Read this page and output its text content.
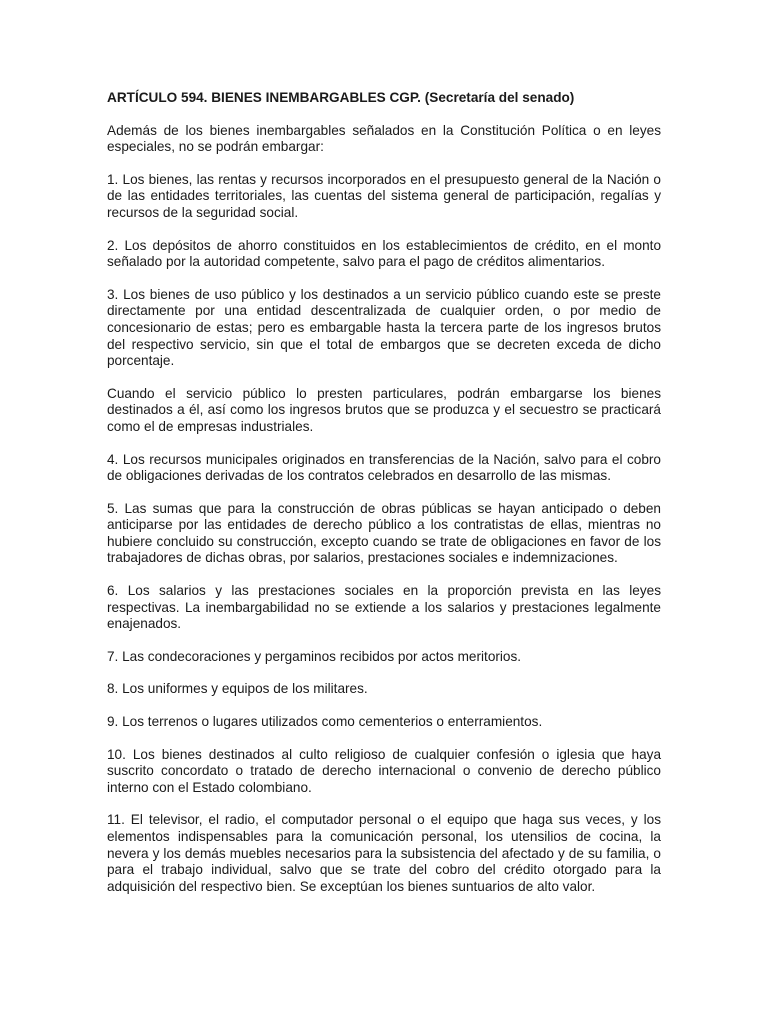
ARTÍCULO 594. BIENES INEMBARGABLES CGP. (Secretaría del senado)

Además de los bienes inembargables señalados en la Constitución Política o en leyes especiales, no se podrán embargar:

1. Los bienes, las rentas y recursos incorporados en el presupuesto general de la Nación o de las entidades territoriales, las cuentas del sistema general de participación, regalías y recursos de la seguridad social.

2. Los depósitos de ahorro constituidos en los establecimientos de crédito, en el monto señalado por la autoridad competente, salvo para el pago de créditos alimentarios.

3. Los bienes de uso público y los destinados a un servicio público cuando este se preste directamente por una entidad descentralizada de cualquier orden, o por medio de concesionario de estas; pero es embargable hasta la tercera parte de los ingresos brutos del respectivo servicio, sin que el total de embargos que se decreten exceda de dicho porcentaje.

Cuando el servicio público lo presten particulares, podrán embargarse los bienes destinados a él, así como los ingresos brutos que se produzca y el secuestro se practicará como el de empresas industriales.

4. Los recursos municipales originados en transferencias de la Nación, salvo para el cobro de obligaciones derivadas de los contratos celebrados en desarrollo de las mismas.

5. Las sumas que para la construcción de obras públicas se hayan anticipado o deben anticiparse por las entidades de derecho público a los contratistas de ellas, mientras no hubiere concluido su construcción, excepto cuando se trate de obligaciones en favor de los trabajadores de dichas obras, por salarios, prestaciones sociales e indemnizaciones.

6. Los salarios y las prestaciones sociales en la proporción prevista en las leyes respectivas. La inembargabilidad no se extiende a los salarios y prestaciones legalmente enajenados.

7. Las condecoraciones y pergaminos recibidos por actos meritorios.

8. Los uniformes y equipos de los militares.

9. Los terrenos o lugares utilizados como cementerios o enterramientos.

10. Los bienes destinados al culto religioso de cualquier confesión o iglesia que haya suscrito concordato o tratado de derecho internacional o convenio de derecho público interno con el Estado colombiano.

11. El televisor, el radio, el computador personal o el equipo que haga sus veces, y los elementos indispensables para la comunicación personal, los utensilios de cocina, la nevera y los demás muebles necesarios para la subsistencia del afectado y de su familia, o para el trabajo individual, salvo que se trate del cobro del crédito otorgado para la adquisición del respectivo bien. Se exceptúan los bienes suntuarios de alto valor.
